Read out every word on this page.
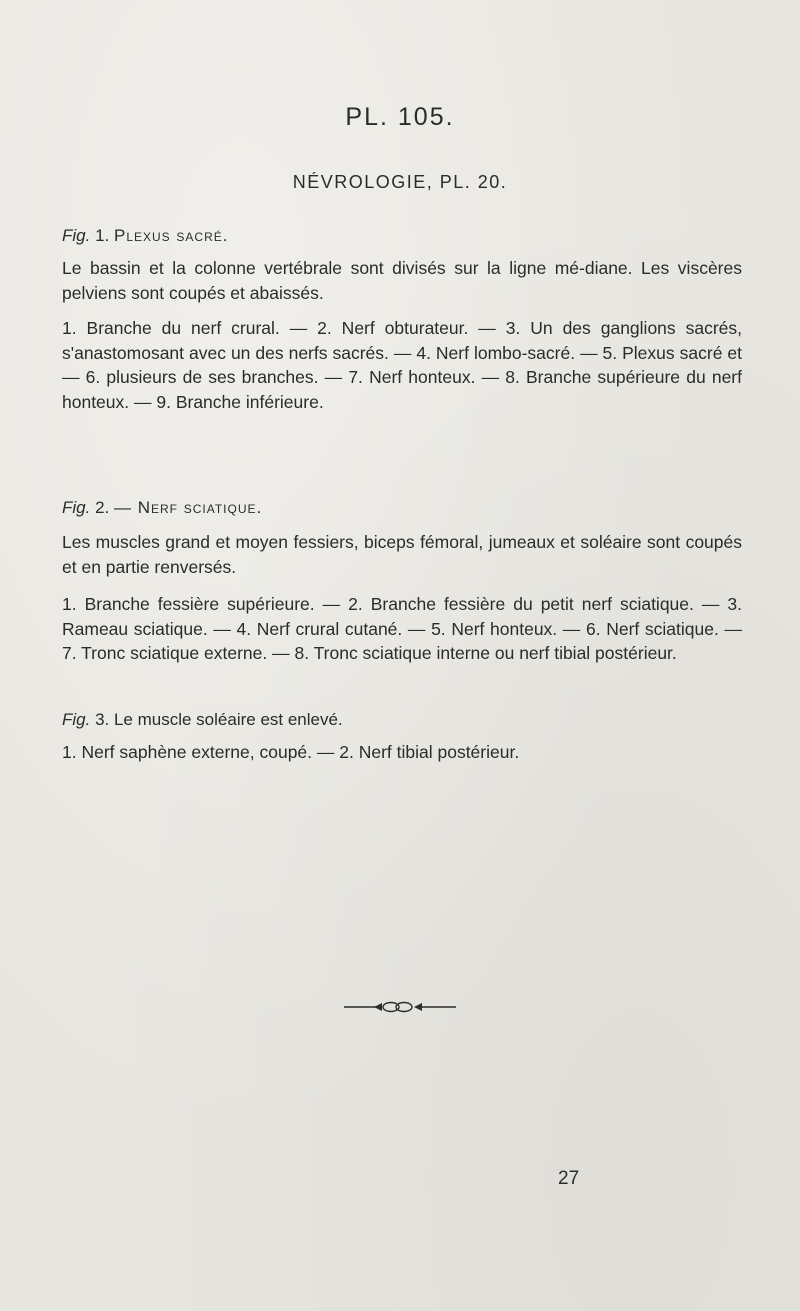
PL. 105.
NÉVROLOGIE, PL. 20.
Fig. 1. Plexus sacré.
Le bassin et la colonne vertébrale sont divisés sur la ligne mé-diane. Les viscères pelviens sont coupés et abaissés.
1. Branche du nerf crural. — 2. Nerf obturateur. — 3. Un des ganglions sacrés, s'anastomosant avec un des nerfs sacrés. — 4. Nerf lombo-sacré. — 5. Plexus sacré et — 6. plusieurs de ses branches. — 7. Nerf honteux. — 8. Branche supérieure du nerf honteux. — 9. Branche inférieure.
Fig. 2. — Nerf sciatique.
Les muscles grand et moyen fessiers, biceps fémoral, jumeaux et soléaire sont coupés et en partie renversés.
1. Branche fessière supérieure. — 2. Branche fessière du petit nerf sciatique. — 3. Rameau sciatique. — 4. Nerf crural cutané. — 5. Nerf honteux. — 6. Nerf sciatique. — 7. Tronc sciatique externe. — 8. Tronc sciatique interne ou nerf tibial postérieur.
Fig. 3. Le muscle soléaire est enlevé.
1. Nerf saphène externe, coupé. — 2. Nerf tibial postérieur.
27
